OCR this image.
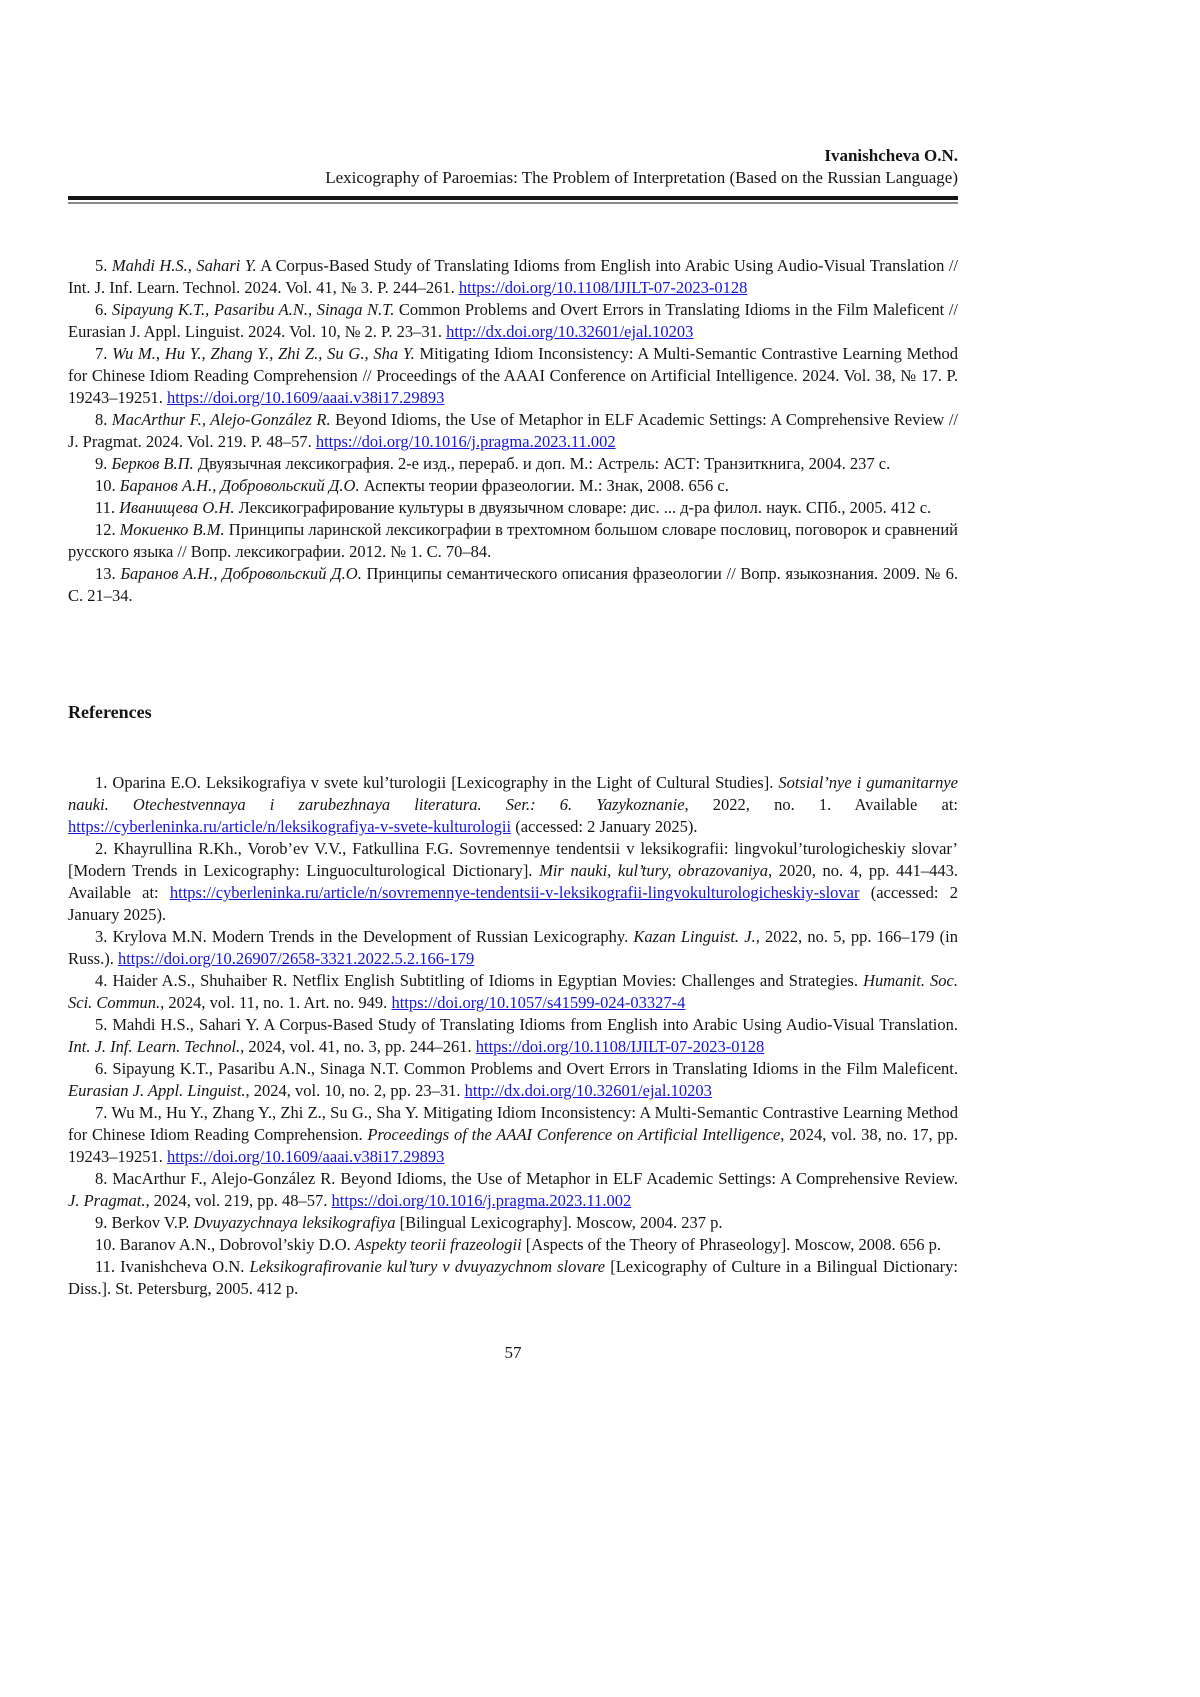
Ivanishcheva O.N.
Lexicography of Paroemias: The Problem of Interpretation (Based on the Russian Language)

5. Mahdi H.S., Sahari Y. A Corpus-Based Study of Translating Idioms from English into Arabic Using Audio-Visual Translation // Int. J. Inf. Learn. Technol. 2024. Vol. 41, № 3. P. 244–261. https://doi.org/10.1108/IJILT-07-2023-0128

6. Sipayung K.T., Pasaribu A.N., Sinaga N.T. Common Problems and Overt Errors in Translating Idioms in the Film Maleficent // Eurasian J. Appl. Linguist. 2024. Vol. 10, № 2. P. 23–31. http://dx.doi.org/10.32601/ejal.10203

7. Wu M., Hu Y., Zhang Y., Zhi Z., Su G., Sha Y. Mitigating Idiom Inconsistency: A Multi-Semantic Contrastive Learning Method for Chinese Idiom Reading Comprehension // Proceedings of the AAAI Conference on Artificial Intelligence. 2024. Vol. 38, № 17. P. 19243–19251. https://doi.org/10.1609/aaai.v38i17.29893

8. MacArthur F., Alejo-González R. Beyond Idioms, the Use of Metaphor in ELF Academic Settings: A Comprehensive Review // J. Pragmat. 2024. Vol. 219. P. 48–57. https://doi.org/10.1016/j.pragma.2023.11.002

9. Берков В.П. Двуязычная лексикография. 2-е изд., перераб. и доп. М.: Астрель: АСТ: Транзиткнига, 2004. 237 с.

10. Баранов А.Н., Добровольский Д.О. Аспекты теории фразеологии. М.: Знак, 2008. 656 с.

11. Иванищева О.Н. Лексикографирование культуры в двуязычном словаре: дис. ... д-ра филол. наук. СПб., 2005. 412 с.

12. Мокиенко В.М. Принципы ларинской лексикографии в трехтомном большом словаре пословиц, поговорок и сравнений русского языка // Вопр. лексикографии. 2012. № 1. С. 70–84.

13. Баранов А.Н., Добровольский Д.О. Принципы семантического описания фразеологии // Вопр. языкознания. 2009. № 6. С. 21–34.

References

1. Oparina E.O. Leksikografiya v svete kul’turologii [Lexicography in the Light of Cultural Studies]. Sotsial’nye i gumanitarnye nauki. Otechestvennaya i zarubezhnaya literatura. Ser.: 6. Yazykoznanie, 2022, no. 1. Available at: https://cyberleninka.ru/article/n/leksikografiya-v-svete-kulturologii (accessed: 2 January 2025).

2. Khayrullina R.Kh., Vorob’ev V.V., Fatkullina F.G. Sovremennye tendentsii v leksikografii: lingvokul’turologicheskiy slovar’ [Modern Trends in Lexicography: Linguoculturological Dictionary]. Mir nauki, kul’tury, obrazovaniya, 2020, no. 4, pp. 441–443. Available at: https://cyberleninka.ru/article/n/sovremennye-tendentsii-v-leksikografii-lingvokulturologicheskiy-slovar (accessed: 2 January 2025).

3. Krylova M.N. Modern Trends in the Development of Russian Lexicography. Kazan Linguist. J., 2022, no. 5, pp. 166–179 (in Russ.). https://doi.org/10.26907/2658-3321.2022.5.2.166-179

4. Haider A.S., Shuhaiber R. Netflix English Subtitling of Idioms in Egyptian Movies: Challenges and Strategies. Humanit. Soc. Sci. Commun., 2024, vol. 11, no. 1. Art. no. 949. https://doi.org/10.1057/s41599-024-03327-4

5. Mahdi H.S., Sahari Y. A Corpus-Based Study of Translating Idioms from English into Arabic Using Audio-Visual Translation. Int. J. Inf. Learn. Technol., 2024, vol. 41, no. 3, pp. 244–261. https://doi.org/10.1108/IJILT-07-2023-0128

6. Sipayung K.T., Pasaribu A.N., Sinaga N.T. Common Problems and Overt Errors in Translating Idioms in the Film Maleficent. Eurasian J. Appl. Linguist., 2024, vol. 10, no. 2, pp. 23–31. http://dx.doi.org/10.32601/ejal.10203

7. Wu M., Hu Y., Zhang Y., Zhi Z., Su G., Sha Y. Mitigating Idiom Inconsistency: A Multi-Semantic Contrastive Learning Method for Chinese Idiom Reading Comprehension. Proceedings of the AAAI Conference on Artificial Intelligence, 2024, vol. 38, no. 17, pp. 19243–19251. https://doi.org/10.1609/aaai.v38i17.29893

8. MacArthur F., Alejo-González R. Beyond Idioms, the Use of Metaphor in ELF Academic Settings: A Comprehensive Review. J. Pragmat., 2024, vol. 219, pp. 48–57. https://doi.org/10.1016/j.pragma.2023.11.002

9. Berkov V.P. Dvuyazychnaya leksikografiya [Bilingual Lexicography]. Moscow, 2004. 237 p.

10. Baranov A.N., Dobrovol’skiy D.O. Aspekty teorii frazeologii [Aspects of the Theory of Phraseology]. Moscow, 2008. 656 p.

11. Ivanishcheva O.N. Leksikografirovanie kul’tury v dvuyazychnom slovare [Lexicography of Culture in a Bilingual Dictionary: Diss.]. St. Petersburg, 2005. 412 p.

57
